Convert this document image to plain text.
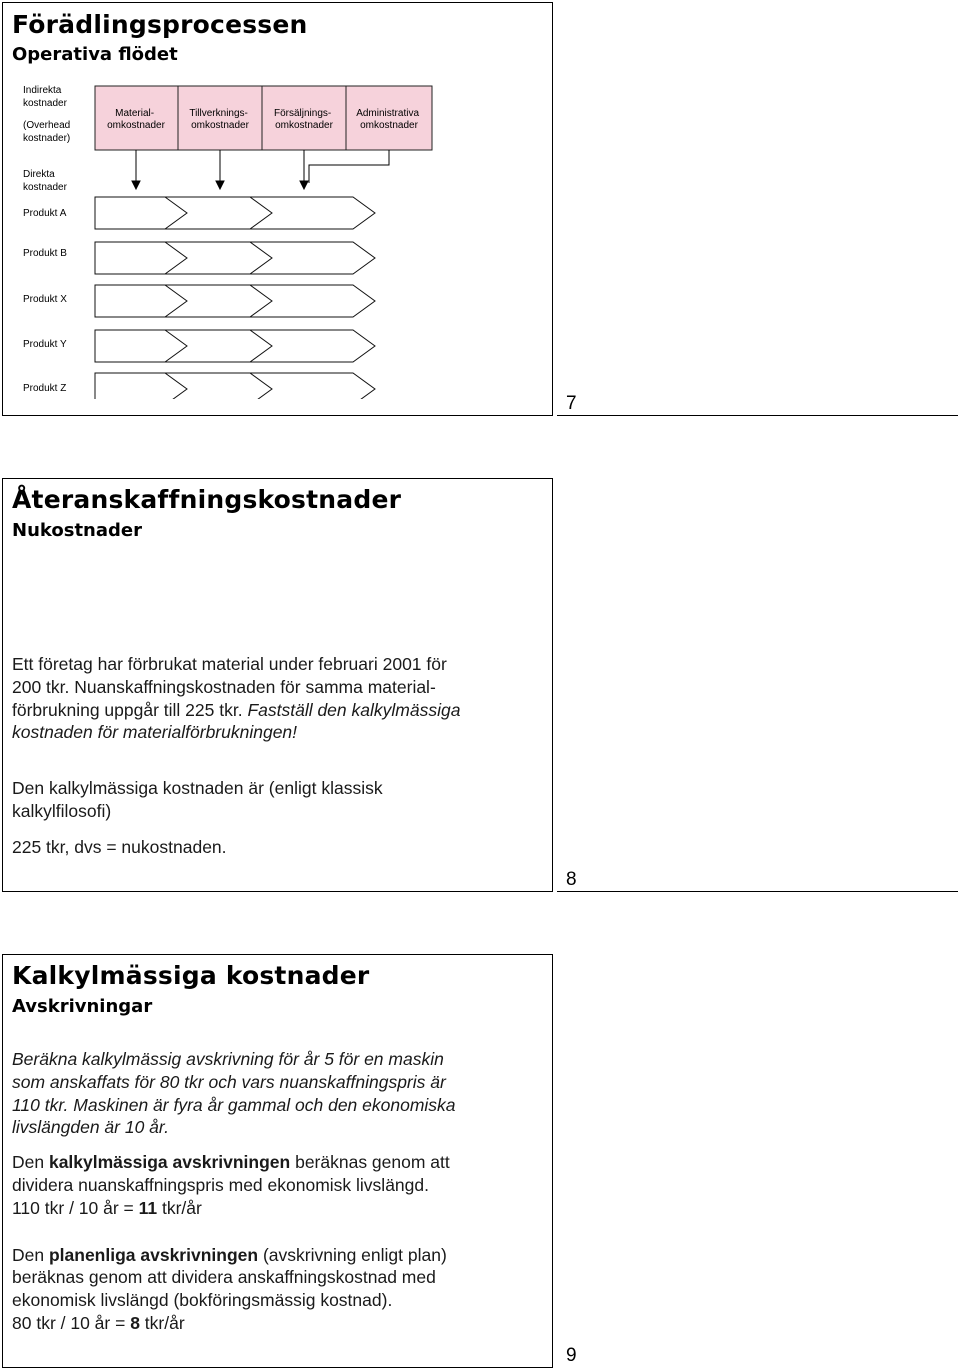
Förädlingsprocessen
Operativa flödet
Indirekta kostnader (Overhead kostnader)
Material- omkostnader
Tillverknings- omkostnader
Försäljnings- omkostnader
Administrativa omkostnader
Direkta kostnader
Produkt A
Produkt B
Produkt X
Produkt Y
Produkt Z
7
Återanskaffningskostnader
Nukostnader

Ett företag har förbrukat material under februari 2001 för
200 tkr. Nuanskaffningskostnaden för samma material-
förbrukning uppgår till 225 tkr. Fastställ den kalkylmässiga
kostnaden för materialförbrukningen!

Den kalkylmässiga kostnaden är (enligt klassisk
kalkylfilosofi)

225 tkr, dvs = nukostnaden.

8
Kalkylmässiga kostnader
Avskrivningar

Beräkna kalkylmässig avskrivning för år 5 för en maskin
som anskaffats för 80 tkr och vars nuanskaffningspris är
110 tkr. Maskinen är fyra år gammal och den ekonomiska
livslängden är 10 år.

Den kalkylmässiga avskrivningen beräknas genom att
dividera nuanskaffningspris med ekonomisk livslängd.
110 tkr / 10 år = 11 tkr/år

Den planenliga avskrivningen (avskrivning enligt plan)
beräknas genom att dividera anskaffningskostnad med
ekonomisk livslängd (bokföringsmässig kostnad).
80 tkr / 10 år = 8 tkr/år

9
